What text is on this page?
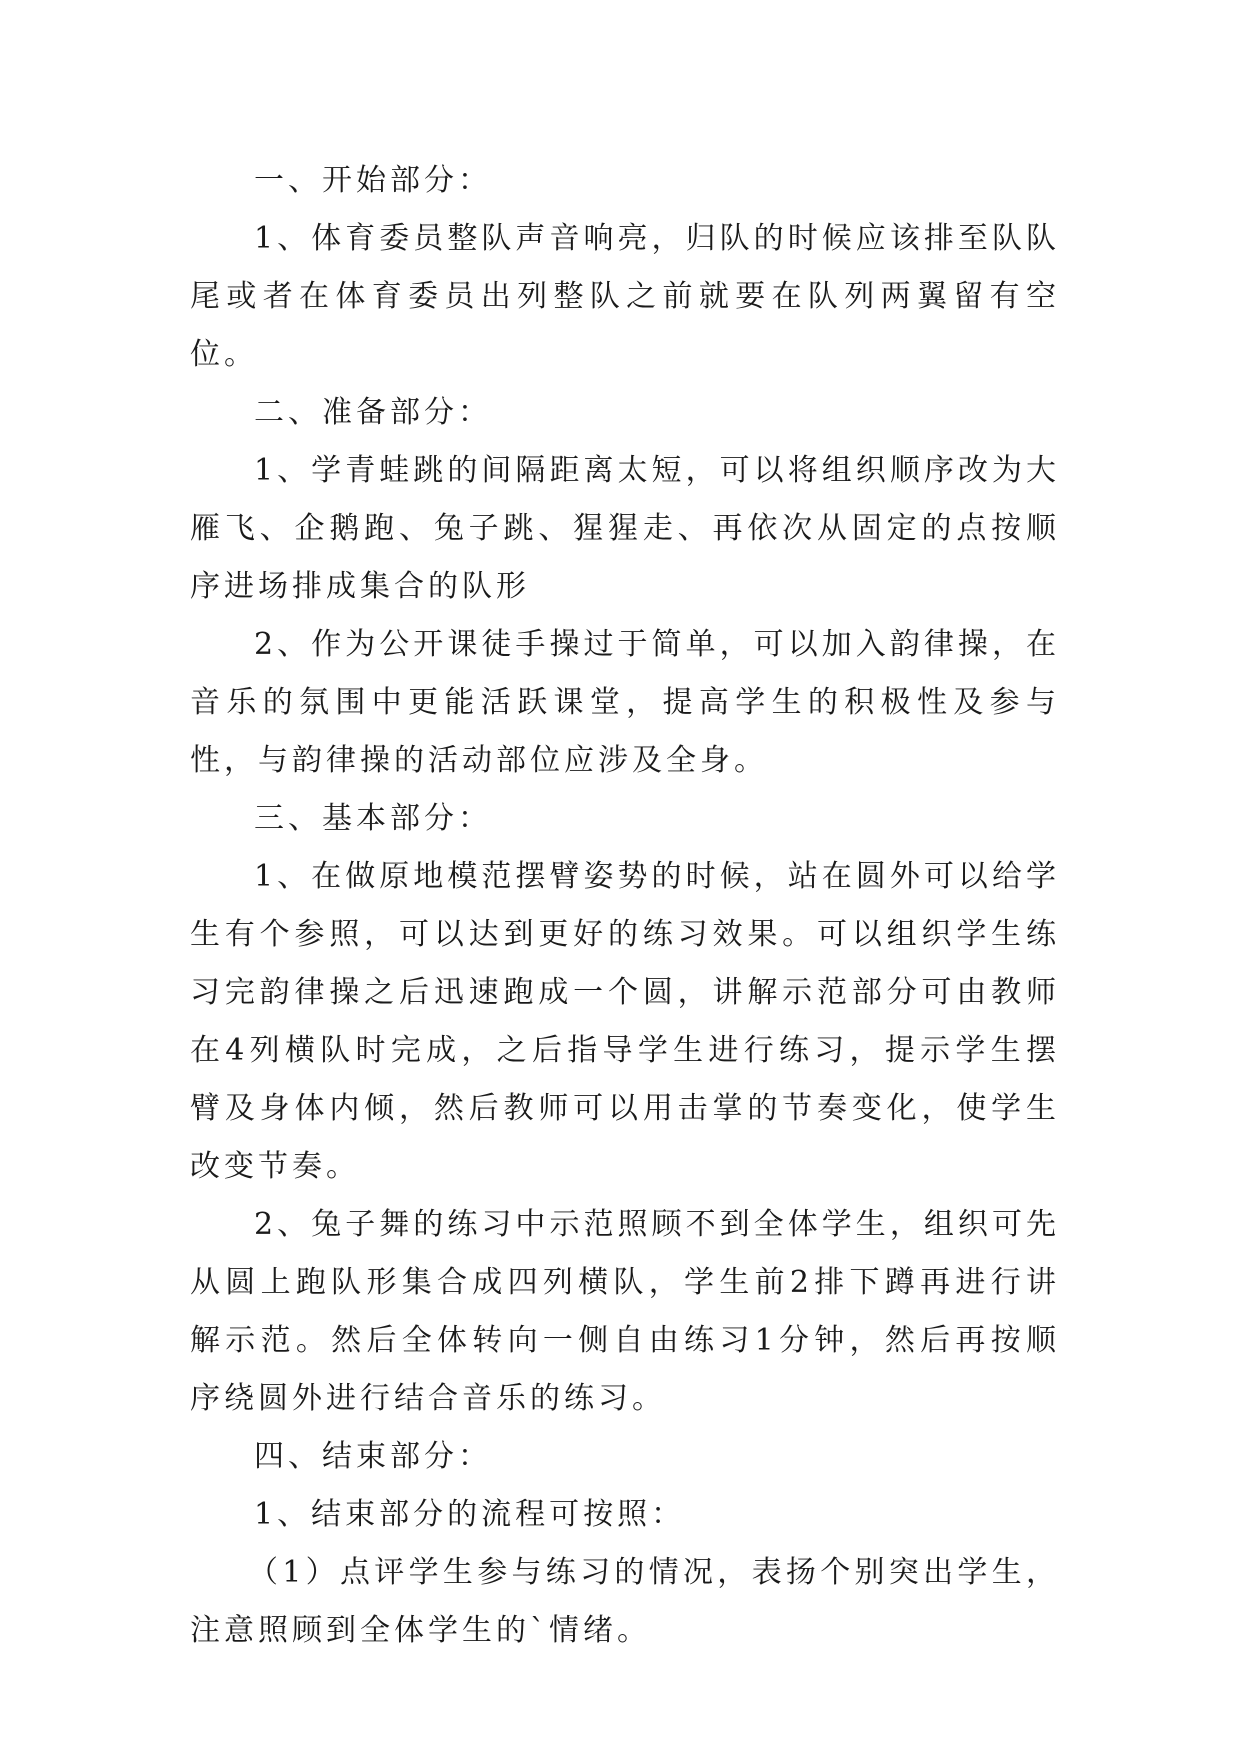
一、开始部分：

1、体育委员整队声音响亮，归队的时候应该排至队队尾或者在体育委员出列整队之前就要在队列两翼留有空位。

二、准备部分：

1、学青蛙跳的间隔距离太短，可以将组织顺序改为大雁飞、企鹅跑、兔子跳、猩猩走、再依次从固定的点按顺序进场排成集合的队形

2、作为公开课徒手操过于简单，可以加入韵律操，在音乐的氛围中更能活跃课堂，提高学生的积极性及参与性，与韵律操的活动部位应涉及全身。

三、基本部分：

1、在做原地模范摆臂姿势的时候，站在圆外可以给学生有个参照，可以达到更好的练习效果。可以组织学生练习完韵律操之后迅速跑成一个圆，讲解示范部分可由教师在4列横队时完成，之后指导学生进行练习，提示学生摆臂及身体内倾，然后教师可以用击掌的节奏变化，使学生改变节奏。

2、兔子舞的练习中示范照顾不到全体学生，组织可先从圆上跑队形集合成四列横队，学生前2排下蹲再进行讲解示范。然后全体转向一侧自由练习1分钟，然后再按顺序绕圆外进行结合音乐的练习。

四、结束部分：

1、结束部分的流程可按照：

（1）点评学生参与练习的情况，表扬个别突出学生，注意照顾到全体学生的`情绪。
